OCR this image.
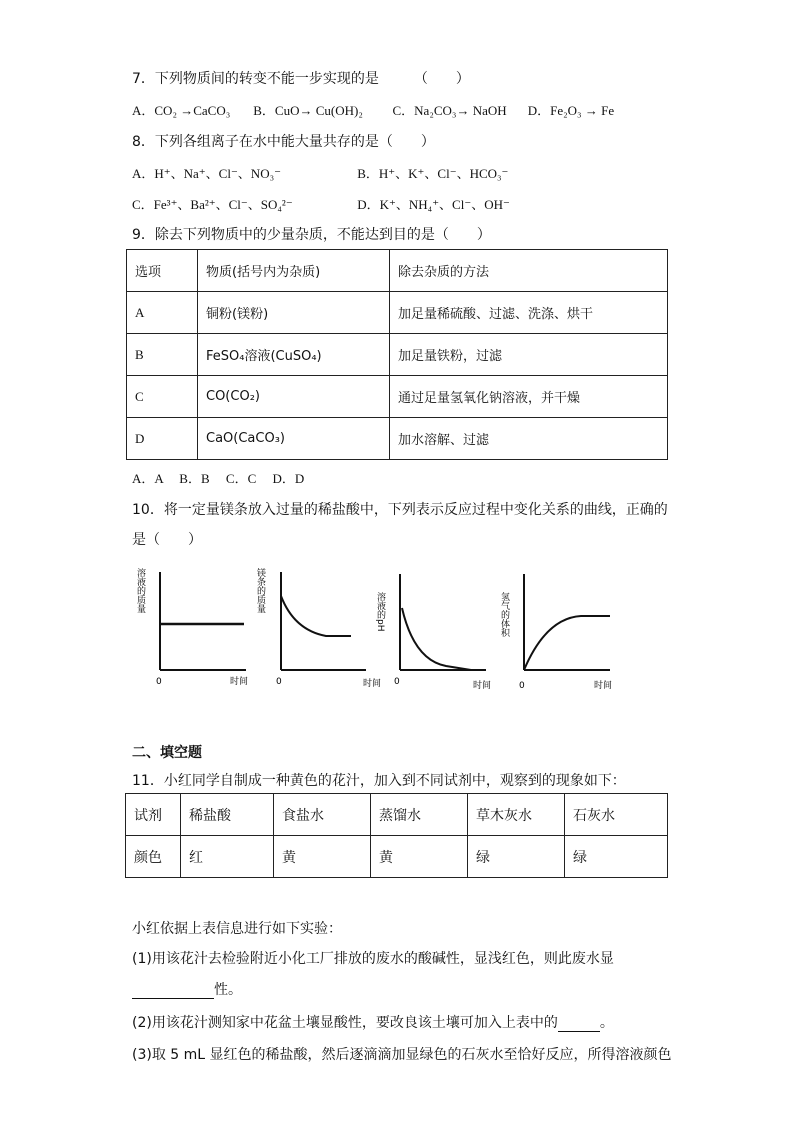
7．下列物质间的转变不能一步实现的是　　　（　　）
A．CO₂ →CaCO₃ B．CuO→ Cu(OH)₂ C．Na₂CO₃→ NaOH D．Fe₂O₃ → Fe
8．下列各组离子在水中能大量共存的是（　　）
A．H⁺、Na⁺、Cl⁻、NO₃⁻	B．H⁺、K⁺、Cl⁻、HCO₃⁻
C．Fe³⁺、Ba²⁺、Cl⁻、SO₄²⁻	D．K⁺、NH₄⁺、Cl⁻、OH⁻
9．除去下列物质中的少量杂质，不能达到目的是（　　）
选项	物质(括号内为杂质)	除去杂质的方法
A	铜粉(镁粉)	加足量稀硫酸、过滤、洗涤、烘干
B	FeSO₄溶液(CuSO₄)	加足量铁粉，过滤
C	CO(CO₂)	通过足量氢氧化钠溶液，并干燥
D	CaO(CaCO₃)	加水溶解、过滤
A．A　 B．B　 C．C　 D．D
10．将一定量镁条放入过量的稀盐酸中，下列表示反应过程中变化关系的曲线，正确的
是（　　）
溶液的质量
0	时间
镁条的质量
0	时间
溶液的pH
0	时间
氢气的体积
0	时间
二、填空题
11．小红同学自制成一种黄色的花汁，加入到不同试剂中，观察到的现象如下：
试剂	稀盐酸	食盐水	蒸馏水	草木灰水	石灰水
颜色	红	黄	黄	绿	绿
小红依据上表信息进行如下实验：
(1)用该花汁去检验附近小化工厂排放的废水的酸碱性，显浅红色，则此废水显
性。
(2)用该花汁测知家中花盆土壤显酸性，要改良该土壤可加入上表中的	。
(3)取 5 mL 显红色的稀盐酸，然后逐滴滴加显绿色的石灰水至恰好反应，所得溶液颜色
